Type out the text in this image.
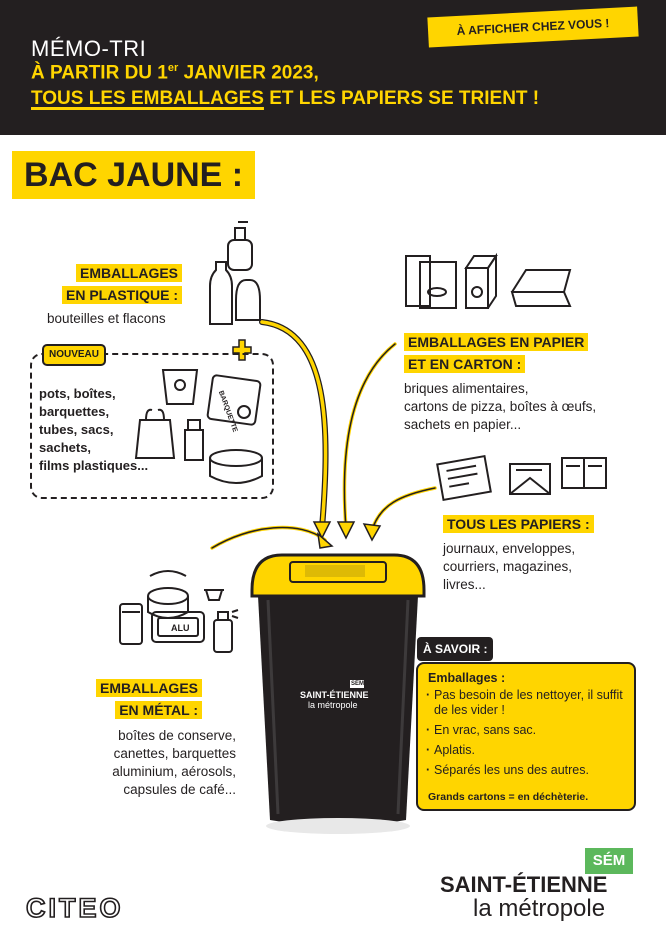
À AFFICHER CHEZ VOUS !
MÉMO-TRI
À PARTIR DU 1er JANVIER 2023,
TOUS LES EMBALLAGES ET LES PAPIERS SE TRIENT !
BAC JAUNE :
BARQUETTE
ALU
EMBALLAGES
EN PLASTIQUE :
bouteilles et flacons
NOUVEAU
pots, boîtes,
barquettes,
tubes, sacs,
sachets,
films plastiques...
EMBALLAGES EN PAPIER
ET EN CARTON :
briques alimentaires,
cartons de pizza, boîtes à œufs,
sachets en papier...
TOUS LES PAPIERS :
journaux, enveloppes,
courriers, magazines,
livres...
EMBALLAGES
EN MÉTAL :
boîtes de conserve,
canettes, barquettes
aluminium, aérosols,
capsules de café...
SAINT-ÉTIENNE
la métropole
SÉM
À SAVOIR :
Emballages :
· Pas besoin de les nettoyer, il suffit de les vider !
· En vrac, sans sac.
· Aplatis.
· Séparés les uns des autres.
Grands cartons = en déchèterie.
CITEO
SÉM
SAINT-ÉTIENNE
la métropole
